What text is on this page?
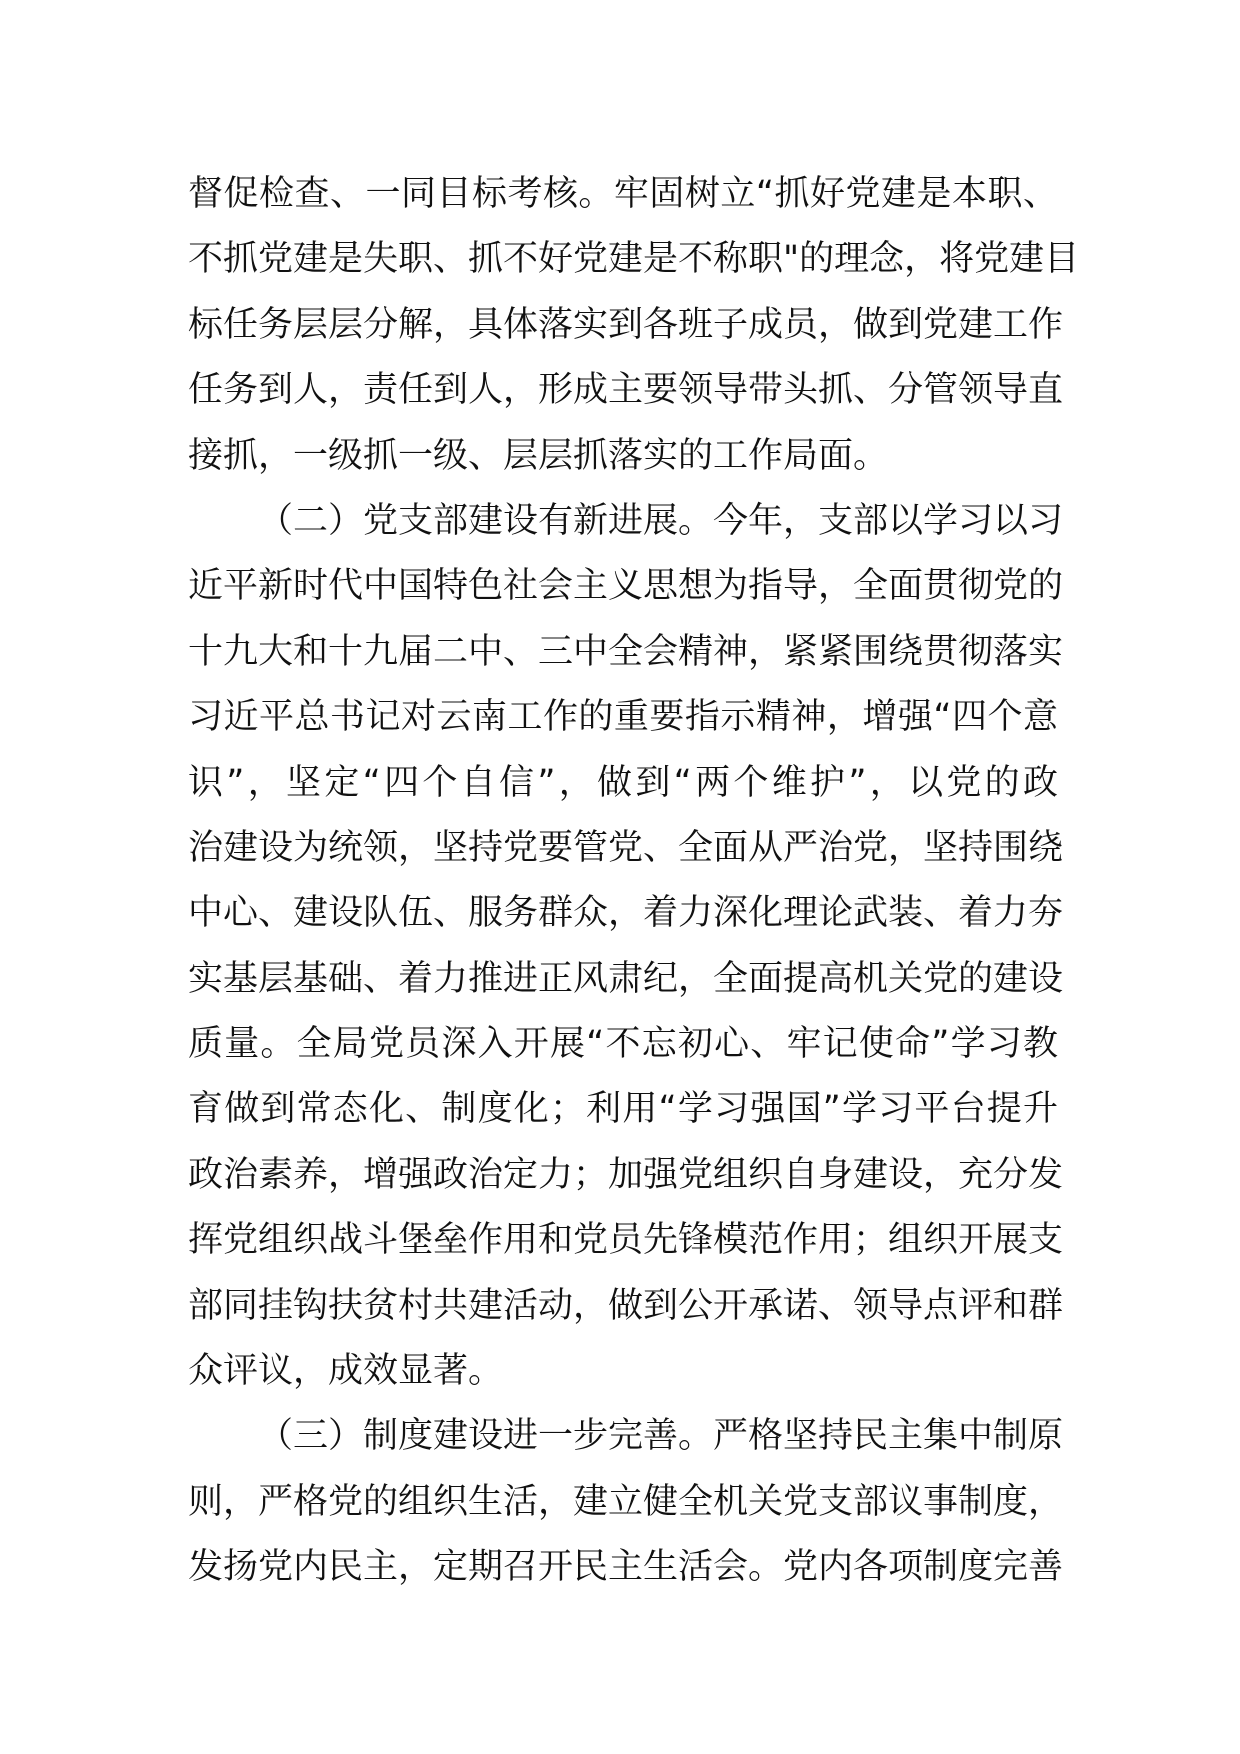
督促检查、一同目标考核。牢固树立“抓好党建是本职、
不抓党建是失职、抓不好党建是不称职"的理念，将党建目
标任务层层分解，具体落实到各班子成员，做到党建工作
任务到人，责任到人，形成主要领导带头抓、分管领导直
接抓，一级抓一级、层层抓落实的工作局面。
（二）党支部建设有新进展。今年，支部以学习以习
近平新时代中国特色社会主义思想为指导，全面贯彻党的
十九大和十九届二中、三中全会精神，紧紧围绕贯彻落实
习近平总书记对云南工作的重要指示精神，增强“四个意
识”，坚定“四个自信”，做到“两个维护”，以党的政
治建设为统领，坚持党要管党、全面从严治党，坚持围绕
中心、建设队伍、服务群众，着力深化理论武装、着力夯
实基层基础、着力推进正风肃纪，全面提高机关党的建设
质量。全局党员深入开展“不忘初心、牢记使命”学习教
育做到常态化、制度化；利用“学习强国”学习平台提升
政治素养，增强政治定力；加强党组织自身建设，充分发
挥党组织战斗堡垒作用和党员先锋模范作用；组织开展支
部同挂钩扶贫村共建活动，做到公开承诺、领导点评和群
众评议，成效显著。
（三）制度建设进一步完善。严格坚持民主集中制原
则，严格党的组织生活，建立健全机关党支部议事制度，
发扬党内民主，定期召开民主生活会。党内各项制度完善
